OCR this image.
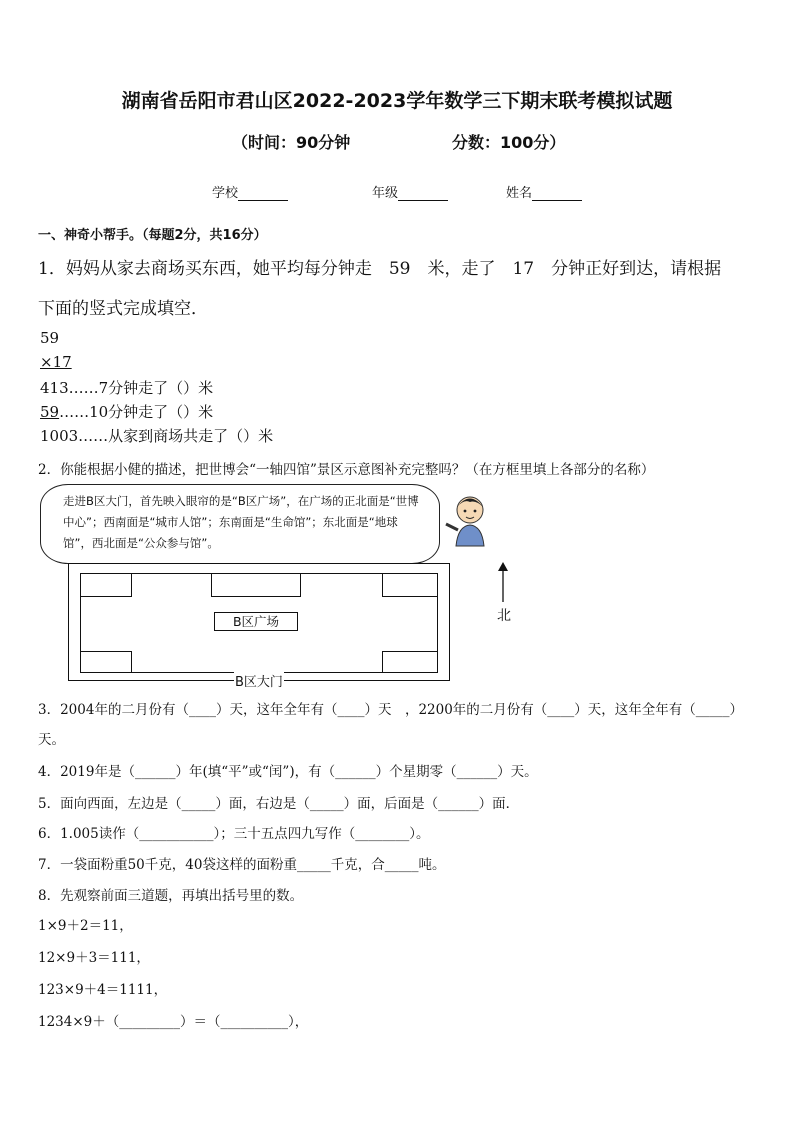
湖南省岳阳市君山区2022-2023学年数学三下期末联考模拟试题
（时间：90分钟	分数：100分）
学校	年级	姓名
一、神奇小帮手。（每题2分，共16分）
1．妈妈从家去商场买东西，她平均每分钟走　59　米，走了　17　分钟正好到达，请根据
下面的竖式完成填空．
59
×17
413……7分钟走了（）米
59……10分钟走了（）米
1003……从家到商场共走了（）米
2．你能根据小健的描述，把世博会“一轴四馆”景区示意图补充完整吗？（在方框里填上各部分的名称）
走进B区大门，首先映入眼帘的是“B区广场”，在广场的正北面是“世博中心”；西南面是“城市人馆”；东南面是“生命馆”；东北面是“地球馆”，西北面是“公众参与馆”。
北
B区广场
B区大门
3．2004年的二月份有（____）天，这年全年有（____）天　，2200年的二月份有（____）天，这年全年有（_____）
天。
4．2019年是（______）年(填“平”或“闰”)，有（______）个星期零（______）天。
5．面向西面，左边是（_____）面，右边是（_____）面，后面是（______）面．
6．1.005读作（___________）；三十五点四九写作（________）。
7．一袋面粉重50千克，40袋这样的面粉重_____千克，合_____吨。
8．先观察前面三道题，再填出括号里的数。
1×9＋2＝11，
12×9＋3＝111，
123×9＋4＝1111，
1234×9＋（_________）＝（__________），
